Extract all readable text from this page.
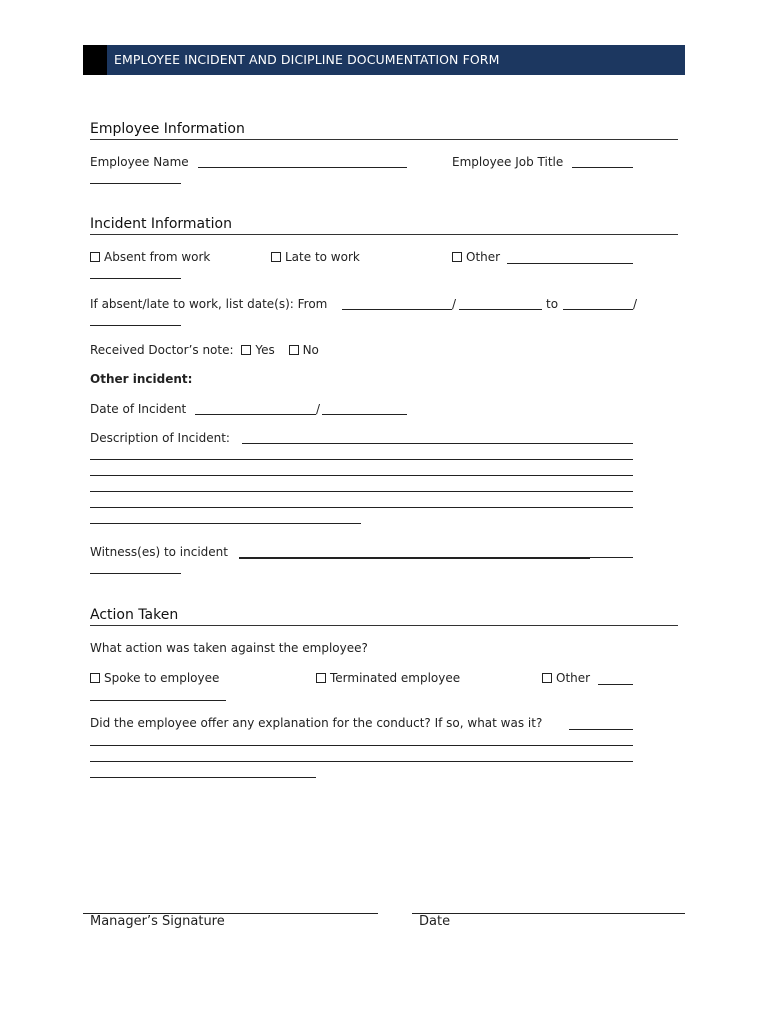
EMPLOYEE INCIDENT AND DICIPLINE DOCUMENTATION FORM
Employee Information
Employee Name	Employee Job Title
Incident Information
Absent from work	Late to work	Other
If absent/late to work, list date(s): From	/	to	/
Received Doctor’s note: Yes No
Other incident:
Date of Incident	/
Description of Incident:
Witness(es) to incident
Action Taken
What action was taken against the employee?
Spoke to employee	Terminated employee	Other
Did the employee offer any explanation for the conduct? If so, what was it?
Manager’s Signature	Date
